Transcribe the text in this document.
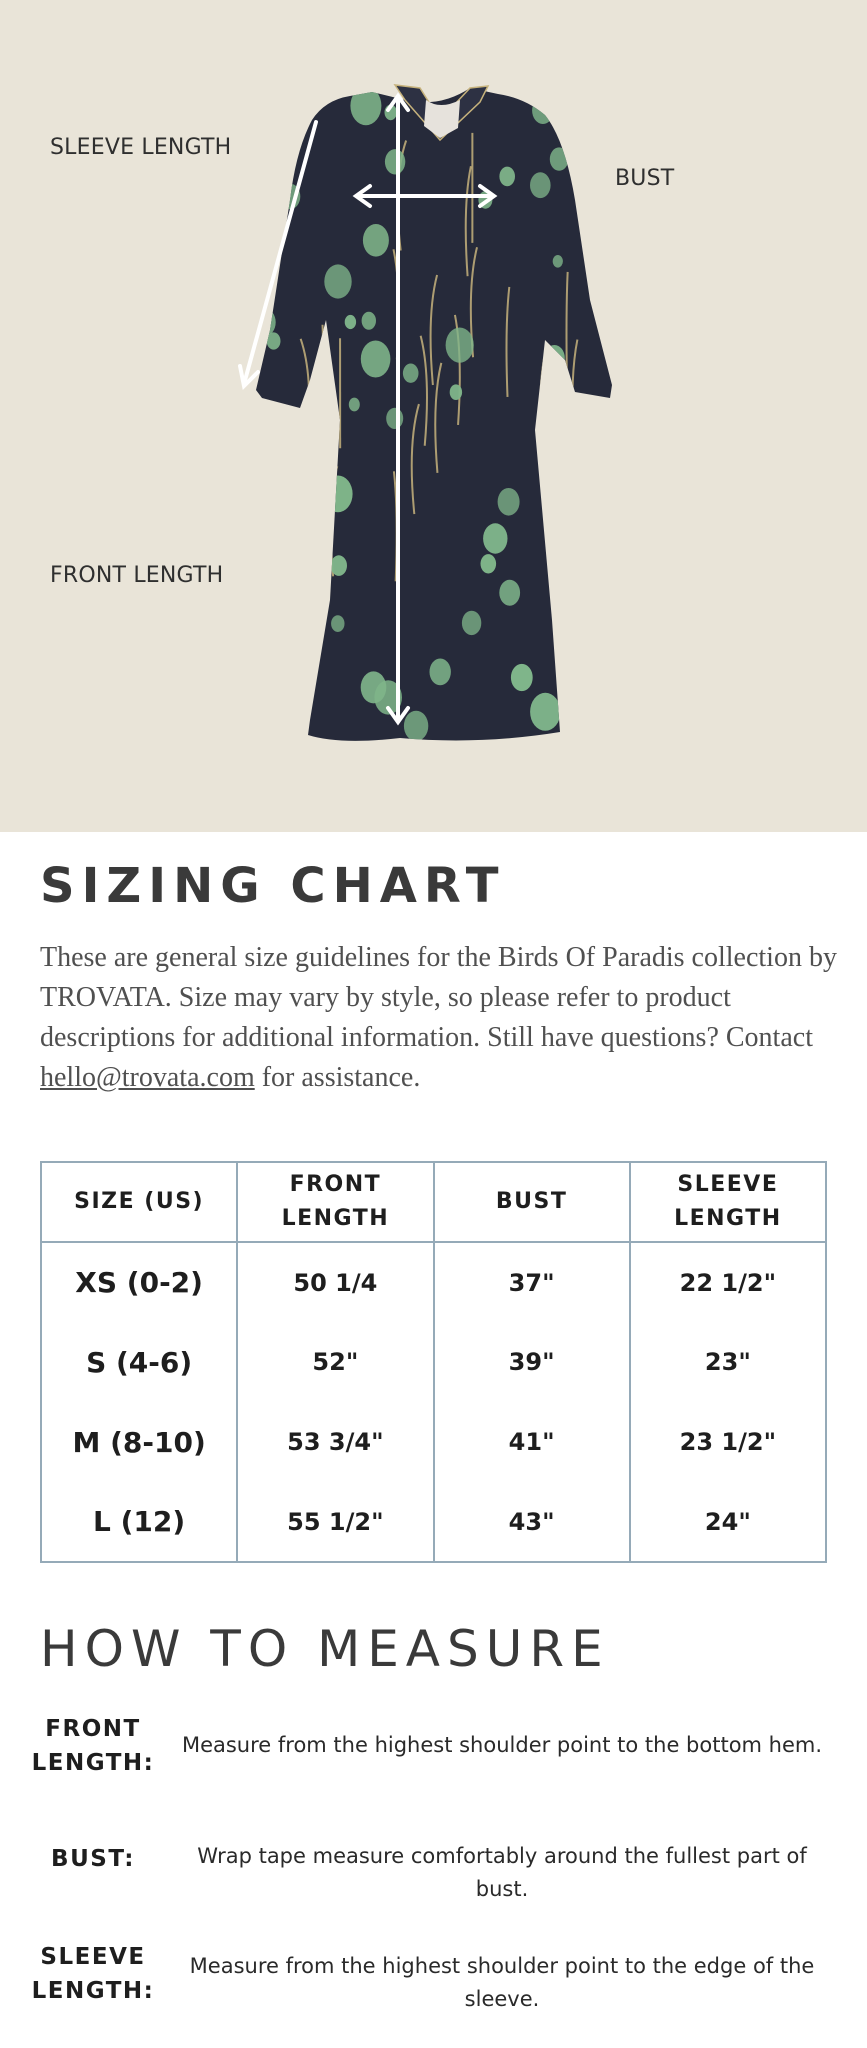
SLEEVE LENGTH
BUST
FRONT LENGTH
SIZING CHART

These are general size guidelines for the Birds Of Paradis collection by TROVATA. Size may vary by style, so please refer to product descriptions for additional information. Still have questions? Contact hello@trovata.com for assistance.

SIZE (US)	FRONT LENGTH	BUST	SLEEVE LENGTH
XS (0-2)	50 1/4	37"	22 1/2"
S (4-6)	52"	39"	23"
M (8-10)	53 3/4"	41"	23 1/2"
L (12)	55 1/2"	43"	24"
HOW TO MEASURE
FRONT LENGTH:
Measure from the highest shoulder point to the bottom hem.
BUST:	Wrap tape measure comfortably around the fullest part of bust.
SLEEVE LENGTH:
Measure from the highest shoulder point to the edge of the sleeve.
